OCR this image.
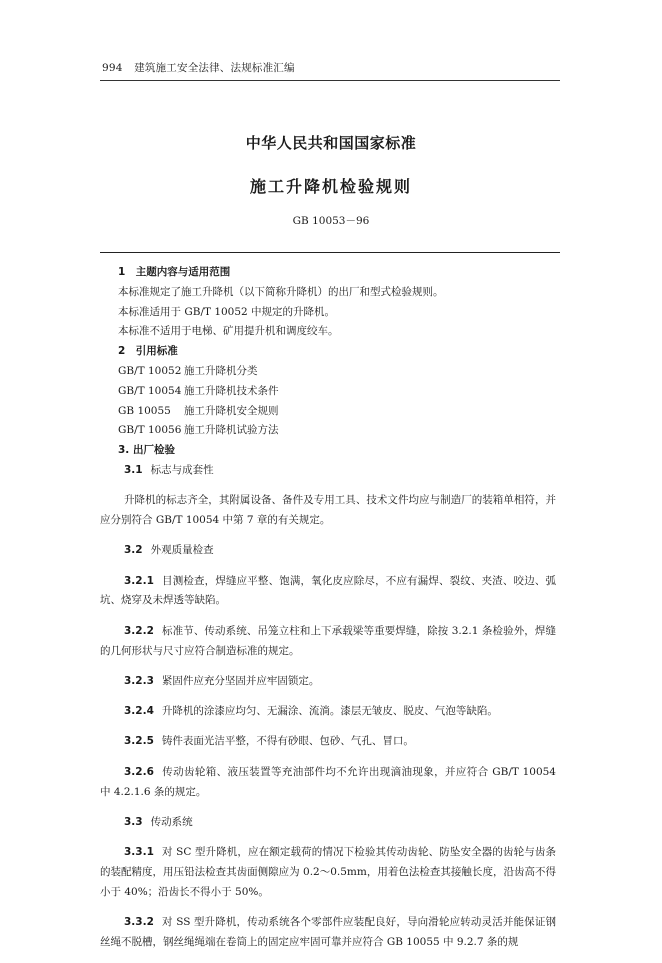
994 建筑施工安全法律、法规标准汇编
中华人民共和国国家标准
施工升降机检验规则
GB 10053－96

1　主题内容与适用范围

本标准规定了施工升降机（以下简称升降机）的出厂和型式检验规则。

本标准适用于 GB/T 10052 中规定的升降机。

本标准不适用于电梯、矿用提升机和调度绞车。

2　引用标准

GB/T 10052 施工升降机分类

GB/T 10054 施工升降机技术条件

GB 10055 施工升降机安全规则

GB/T 10056 施工升降机试验方法

3. 出厂检验

3.1 标志与成套性

升降机的标志齐全，其附属设备、备件及专用工具、技术文件均应与制造厂的装箱单相符，并应分别符合 GB/T 10054 中第 7 章的有关规定。

3.2 外观质量检查

3.2.1 目测检查，焊缝应平整、饱满，氧化皮应除尽，不应有漏焊、裂纹、夹渣、咬边、弧坑、烧穿及未焊透等缺陷。

3.2.2 标准节、传动系统、吊笼立柱和上下承载梁等重要焊缝，除按 3.2.1 条检验外，焊缝的几何形状与尺寸应符合制造标准的规定。

3.2.3 紧固件应充分坚固并应牢固锁定。

3.2.4 升降机的涂漆应均匀、无漏涂、流淌。漆层无皱皮、脱皮、气泡等缺陷。

3.2.5 铸件表面光洁平整，不得有砂眼、包砂、气孔、冒口。

3.2.6 传动齿轮箱、液压装置等充油部件均不允许出现滴油现象，并应符合 GB/T 10054 中 4.2.1.6 条的规定。

3.3 传动系统

3.3.1 对 SC 型升降机，应在额定载荷的情况下检验其传动齿轮、防坠安全器的齿轮与齿条的装配精度，用压铅法检查其齿面侧隙应为 0.2～0.5mm，用着色法检查其接触长度，沿齿高不得小于 40%；沿齿长不得小于 50%。

3.3.2 对 SS 型升降机，传动系统各个零部件应装配良好，导向滑轮应转动灵活并能保证钢丝绳不脱槽，钢丝绳绳端在卷筒上的固定应牢固可靠并应符合 GB 10055 中 9.2.7 条的规
